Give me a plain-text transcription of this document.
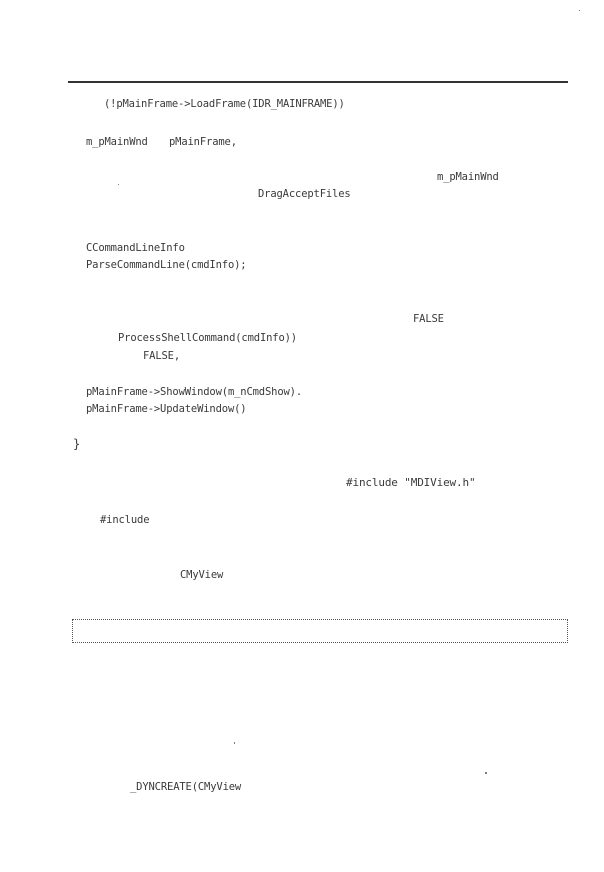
(!pMainFrame->LoadFrame(IDR_MAINFRAME))
m_pMainWnd pMainFrame,
m_pMainWnd
DragAcceptFiles
CCommandLineInfo
ParseCommandLine(cmdInfo);
FALSE
ProcessShellCommand(cmdInfo))
FALSE,
pMainFrame->ShowWindow(m_nCmdShow).
pMainFrame->UpdateWindow()
}
#include "MDIView.h"
#include
CMyView
_DYNCREATE(CMyView
